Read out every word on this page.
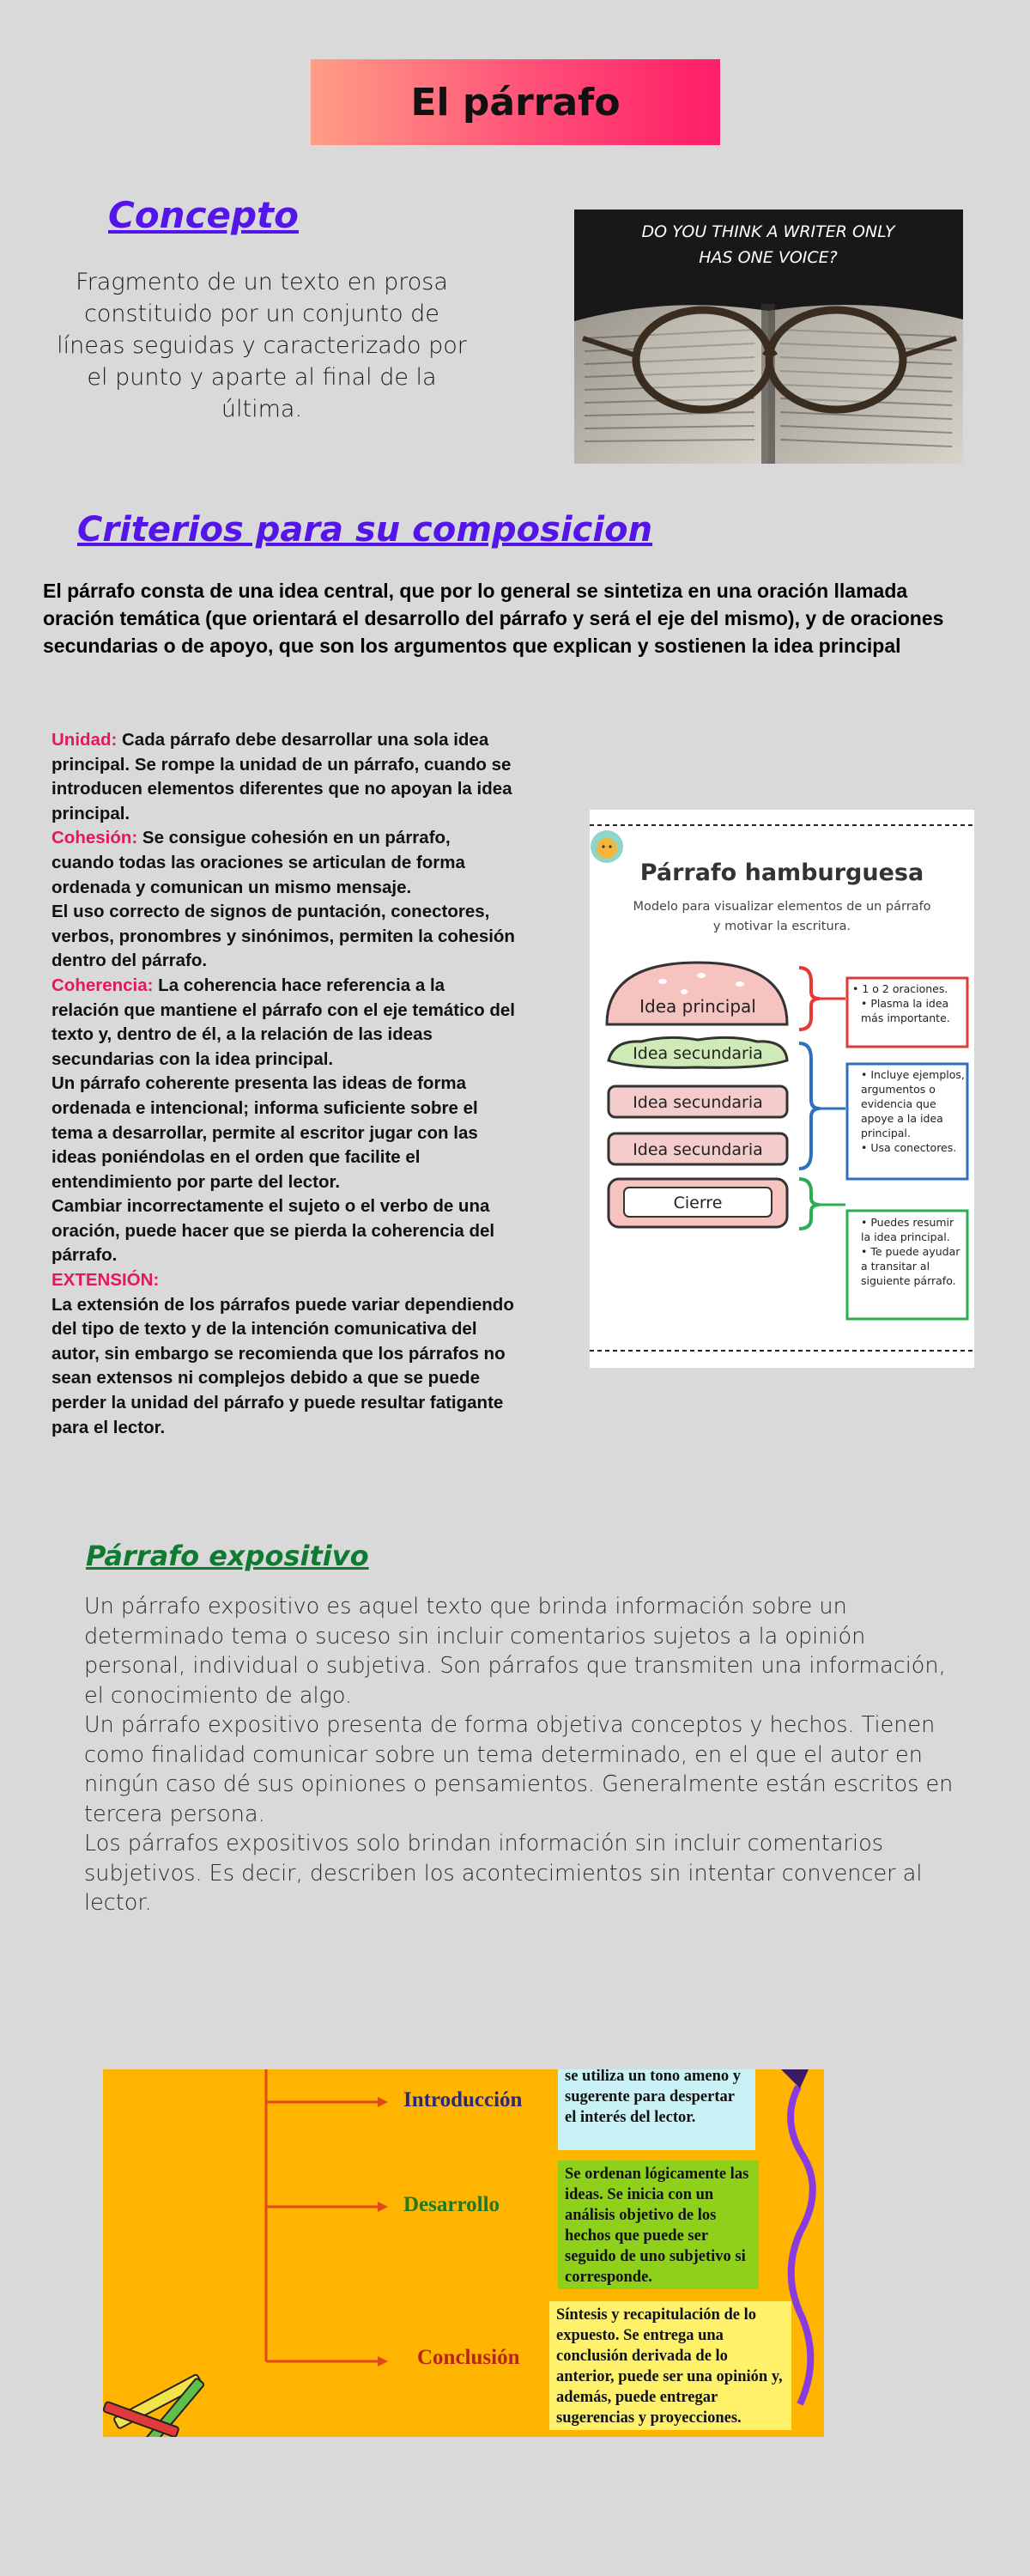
El párrafo
Concepto
Fragmento de un texto en prosa constituido por un conjunto de líneas seguidas y caracterizado por el punto y aparte al final de la última.
DO YOU THINK A WRITER ONLY
HAS ONE VOICE?
Criterios para su composicion
El párrafo consta de una idea central, que por lo general se sintetiza en una oración llamada
oración temática (que orientará el desarrollo del párrafo y será el eje del mismo), y de oraciones
secundarias o de apoyo, que son los argumentos que explican y sostienen la idea principal
Unidad: Cada párrafo debe desarrollar una sola idea principal. Se rompe la unidad de un párrafo, cuando se introducen elementos diferentes que no apoyan la idea principal.
Cohesión: Se consigue cohesión en un párrafo, cuando todas las oraciones se articulan de forma ordenada y comunican un mismo mensaje.
El uso correcto de signos de puntación, conectores, verbos, pronombres y sinónimos, permiten la cohesión dentro del párrafo.
Coherencia: La coherencia hace referencia a la relación que mantiene el párrafo con el eje temático del texto y, dentro de él, a la relación de las ideas secundarias con la idea principal.
Un párrafo coherente presenta las ideas de forma ordenada e intencional; informa suficiente sobre el tema a desarrollar, permite al escritor jugar con las ideas poniéndolas en el orden que facilite el entendimiento por parte del lector.
Cambiar incorrectamente el sujeto o el verbo de una oración, puede hacer que se pierda la coherencia del párrafo.
EXTENSIÓN:
La extensión de los párrafos puede variar dependiendo del tipo de texto y de la intención comunicativa del autor, sin embargo se recomienda que los párrafos no sean extensos ni complejos debido a que se puede perder la unidad del párrafo y puede resultar fatigante para el lector.
Párrafo hamburguesa
Modelo para visualizar elementos de un párrafo
y motivar la escritura.
Idea principal
Idea secundaria
Idea secundaria
Idea secundaria
Cierre
• 1 o 2 oraciones.
• Plasma la idea más importante.
• Incluye ejemplos, argumentos o evidencia que apoye a la idea principal.
• Usa conectores.
• Puedes resumir la idea principal.
• Te puede ayudar a transitar al siguiente párrafo.
Párrafo expositivo
Un párrafo expositivo es aquel texto que brinda información sobre un determinado tema o suceso sin incluir comentarios sujetos a la opinión personal, individual o subjetiva. Son párrafos que transmiten una información, el conocimiento de algo.
Un párrafo expositivo presenta de forma objetiva conceptos y hechos. Tienen como finalidad comunicar sobre un tema determinado, en el que el autor en ningún caso dé sus opiniones o pensamientos. Generalmente están escritos en tercera persona.
Los párrafos expositivos solo brindan información sin incluir comentarios subjetivos. Es decir, describen los acontecimientos sin intentar convencer al lector.
Introducción
Desarrollo
Conclusión
se utiliza un tono ameno y sugerente para despertar el interés del lector.
Se ordenan lógicamente las ideas. Se inicia con un análisis objetivo de los hechos que puede ser seguido de uno subjetivo si corresponde.
Síntesis y recapitulación de lo expuesto. Se entrega una conclusión derivada de lo anterior, puede ser una opinión y, además, puede entregar sugerencias y proyecciones.
